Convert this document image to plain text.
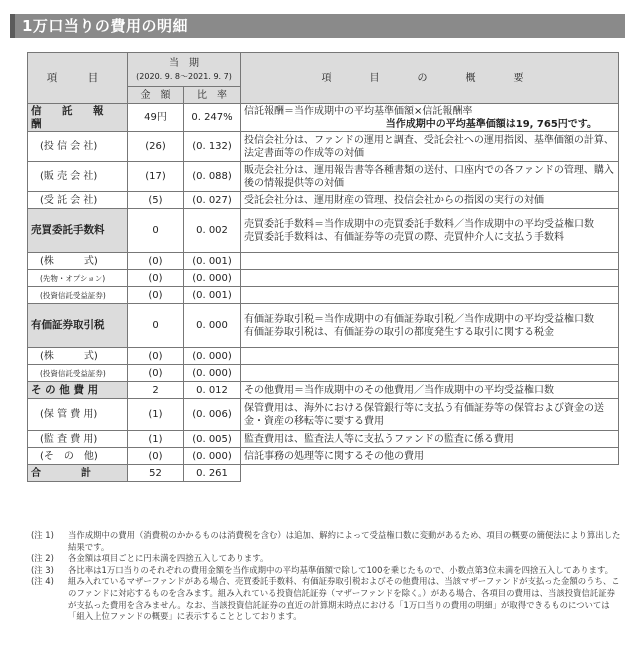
1万口当りの費用の明細
項　目	当　期
(2020. 9. 8～2021. 9. 7)		項　目　の　概　要
	金　額	比　率	
信　託　報　酬	49円	0. 247%	信託報酬＝当作成期中の平均基準価額×信託報酬率
当作成期中の平均基準価額は19, 765円です。

(投 信 会 社)	(26)	(0. 132)	投信会社分は、ファンドの運用と調査、受託会社への運用指図、基準価額の計算、法定書面等の作成等の対価
(販 売 会 社)	(17)	(0. 088)	販売会社分は、運用報告書等各種書類の送付、口座内での各ファンドの管理、購入後の情報提供等の対価
(受 託 会 社)	(5)	(0. 027)	受託会社分は、運用財産の管理、投信会社からの指図の実行の対価
売買委託手数料	0	0. 002	売買委託手数料＝当作成期中の売買委託手数料／当作成期中の平均受益権口数
売買委託手数料は、有価証券等の売買の際、売買仲介人に支払う手数料

(株　　　式)	(0)	(0. 001)	
(先物・オプション)	(0)	(0. 000)	
(投資信託受益証券)	(0)	(0. 001)	
有価証券取引税	0	0. 000	有価証券取引税＝当作成期中の有価証券取引税／当作成期中の平均受益権口数
有価証券取引税は、有価証券の取引の都度発生する取引に関する税金

(株　　　式)	(0)	(0. 000)	
(投資信託受益証券)	(0)	(0. 000)	
そ の 他 費 用	2	0. 012	その他費用＝当作成期中のその他費用／当作成期中の平均受益権口数
(保 管 費 用)	(1)	(0. 006)	保管費用は、海外における保管銀行等に支払う有価証券等の保管および資金の送金・資産の移転等に要する費用
(監 査 費 用)	(1)	(0. 005)	監査費用は、監査法人等に支払うファンドの監査に係る費用
(そ　の　他)	(0)	(0. 000)	信託事務の処理等に関するその他の費用
合　　　　計	52	0. 261	
(注 1)	当作成期中の費用（消費税のかかるものは消費税を含む）は追加、解約によって受益権口数に変動があるため、項目の概要の簡便法により算出した結果です。
(注 2)	各金額は項目ごとに円未満を四捨五入してあります。
(注 3)	各比率は1万口当りのそれぞれの費用金額を当作成期中の平均基準価額で除して100を乗じたもので、小数点第3位未満を四捨五入してあります。
(注 4)	組み入れているマザーファンドがある場合、売買委託手数料、有価証券取引税およびその他費用は、当該マザーファンドが支払った金額のうち、このファンドに対応するものを含みます。組み入れている投資信託証券（マザーファンドを除く。）がある場合、各項目の費用は、当該投資信託証券が支払った費用を含みません。なお、当該投資信託証券の直近の計算期末時点における「1万口当りの費用の明細」が取得できるものについては「組入上位ファンドの概要」に表示することとしております。
